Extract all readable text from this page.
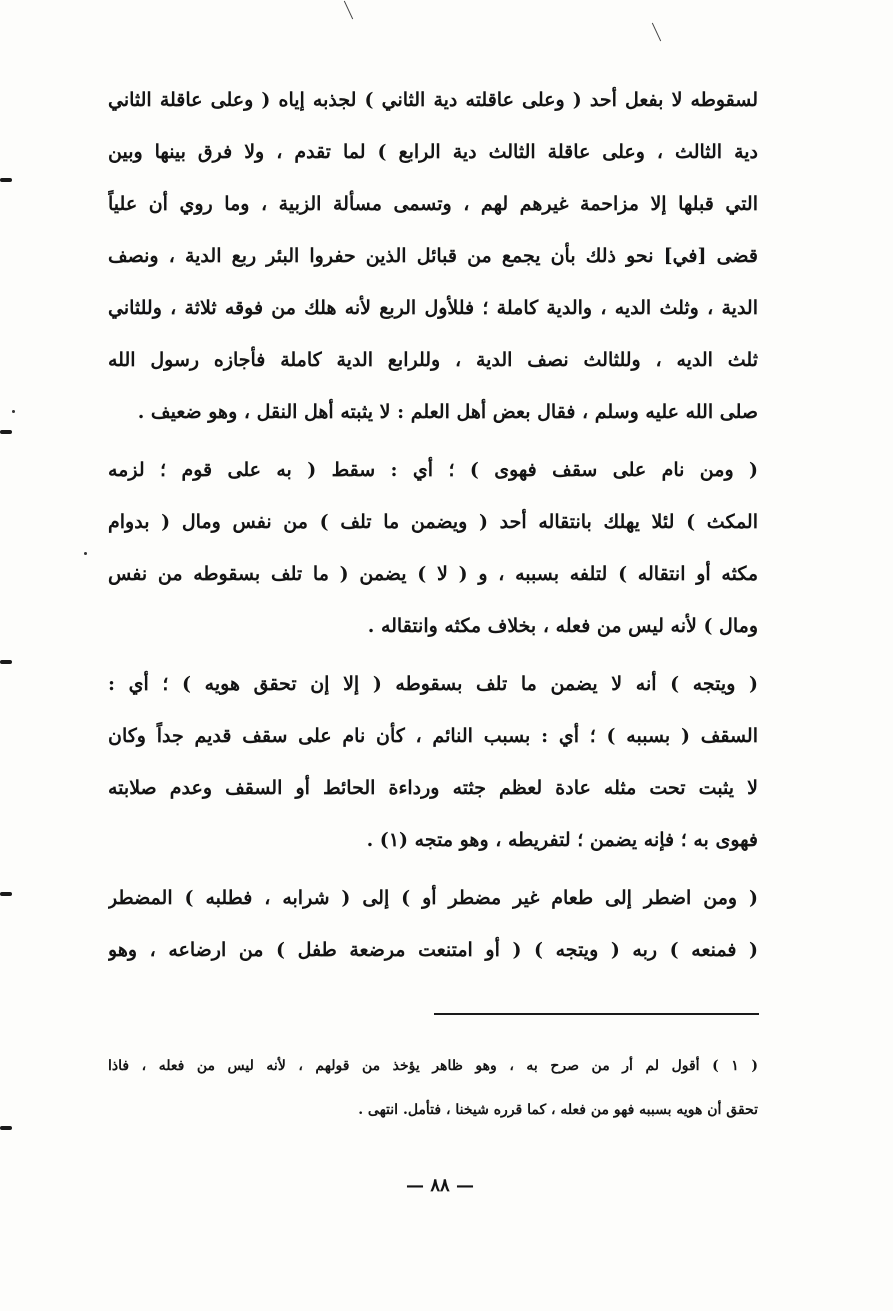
لسقوطه لا بفعل أحد ( وعلى عاقلته دية الثاني ) لجذبه إياه ( وعلى عاقلة الثاني
دية الثالث ، وعلى عاقلة الثالث دية الرابع ) لما تقدم ، ولا فرق بينها وبين
التي قبلها إلا مزاحمة غيرهم لهم ، وتسمى مسألة الزبية ، وما روي أن علياً
قضى [في] نحو ذلك بأن يجمع من قبائل الذين حفروا البئر ربع الدية ، ونصف
الدية ، وثلث الديه ، والدية كاملة ؛ فللأول الربع لأنه هلك من فوقه ثلاثة ، وللثاني
ثلث الديه ، وللثالث نصف الدية ، وللرابع الدية كاملة فأجازه رسول الله
صلى الله عليه وسلم ، فقال بعض أهل العلم : لا يثبته أهل النقل ، وهو ضعيف .
( ومن نام على سقف فهوى ) ؛ أي : سقط ( به على قوم ؛ لزمه
المكث ) لئلا يهلك بانتقاله أحد ( ويضمن ما تلف ) من نفس ومال ( بدوام
مكثه أو انتقاله ) لتلفه بسببه ، و ( لا ) يضمن ( ما تلف بسقوطه من نفس
ومال ) لأنه ليس من فعله ، بخلاف مكثه وانتقاله .
( ويتجه ) أنه لا يضمن ما تلف بسقوطه ( إلا إن تحقق هويه ) ؛ أي :
السقف ( بسببه ) ؛ أي : بسبب النائم ، كأن نام على سقف قديم جداً وكان
لا يثبت تحت مثله عادة لعظم جثته ورداءة الحائط أو السقف وعدم صلابته
فهوى به ؛ فإنه يضمن ؛ لتفريطه ، وهو متجه (١) .
( ومن اضطر إلى طعام غير مضطر أو ) إلى ( شرابه ، فطلبه ) المضطر
( فمنعه ) ربه ( ويتجه ) ( أو امتنعت مرضعة طفل ) من ارضاعه ، وهو
( ١ ) أقول لم أر من صرح به ، وهو ظاهر يؤخذ من قولهم ، لأنه ليس من فعله ، فاذا
تحقق أن هويه بسببه فهو من فعله ، كما قرره شيخنا ، فتأمل. انتهى .
— ٨٨ —
